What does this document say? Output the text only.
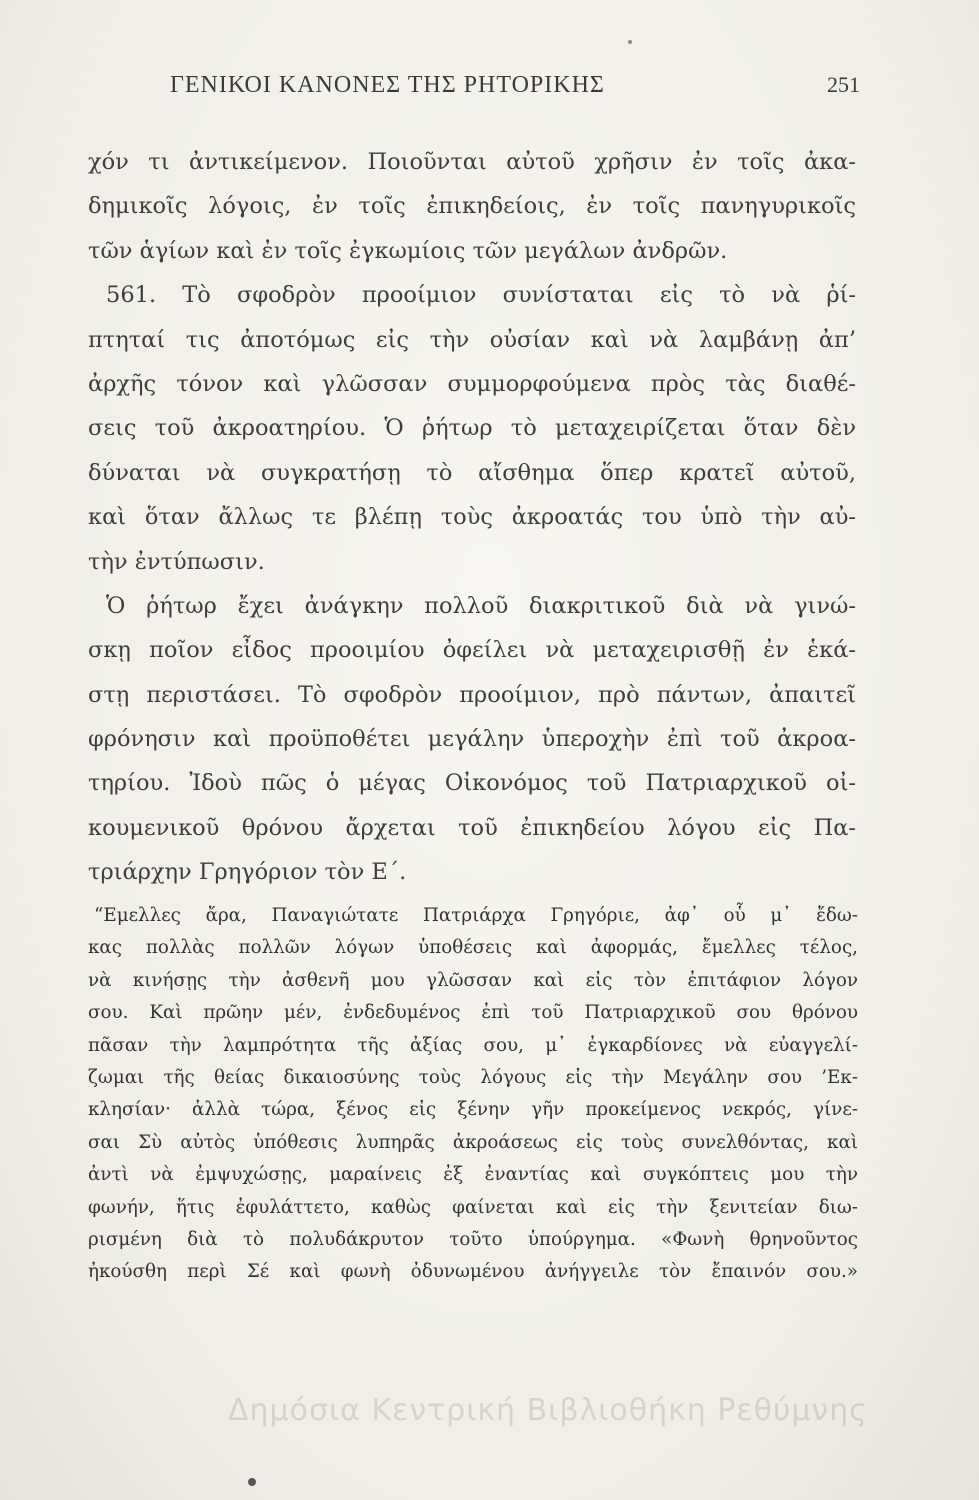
ΓΕΝΙΚΟΙ ΚΑΝΟΝΕΣ ΤΗΣ ΡΗΤΟΡΙΚΗΣ	251
χόν τι ἀντικείμενον. Ποιοῦνται αὐτοῦ χρῆσιν ἐν τοῖς ἀκα-
δημικοῖς λόγοις, ἐν τοῖς ἐπικηδείοις, ἐν τοῖς πανηγυρικοῖς
τῶν ἁγίων καὶ ἐν τοῖς ἐγκωμίοις τῶν μεγάλων ἀνδρῶν.
561. Τὸ σφοδρὸν προοίμιον συνίσταται εἰς τὸ νὰ ῥί-
πτηταί τις ἀποτόμως εἰς τὴν οὐσίαν καὶ νὰ λαμβάνῃ ἀπ’
ἀρχῆς τόνον καὶ γλῶσσαν συμμορφούμενα πρὸς τὰς διαθέ-
σεις τοῦ ἀκροατηρίου. Ὁ ῥήτωρ τὸ μεταχειρίζεται ὅταν δὲν
δύναται νὰ συγκρατήσῃ τὸ αἴσθημα ὅπερ κρατεῖ αὐτοῦ,
καὶ ὅταν ἄλλως τε βλέπῃ τοὺς ἀκροατάς του ὑπὸ τὴν αὐ-
τὴν ἐντύπωσιν.
Ὁ ῥήτωρ ἔχει ἀνάγκην πολλοῦ διακριτικοῦ διὰ νὰ γινώ-
σκῃ ποῖον εἶδος προοιμίου ὀφείλει νὰ μεταχειρισθῇ ἐν ἑκά-
στῃ περιστάσει. Τὸ σφοδρὸν προοίμιον, πρὸ πάντων, ἀπαιτεῖ
φρόνησιν καὶ προϋποθέτει μεγάλην ὑπεροχὴν ἐπὶ τοῦ ἀκροα-
τηρίου. Ἰδοὺ πῶς ὁ μέγας Οἰκονόμος τοῦ Πατριαρχικοῦ οἰ-
κουμενικοῦ θρόνου ἄρχεται τοῦ ἐπικηδείου λόγου εἰς Πα-
τριάρχην Γρηγόριον τὸν Ε΄.
“Εμελλες ἄρα, Παναγιώτατε Πατριάρχα Γρηγόριε, ἀφ᾽ οὗ μ᾽ ἔδω-
κας πολλὰς πολλῶν λόγων ὑποθέσεις καὶ ἀφορμάς, ἔμελλες τέλος,
νὰ κινήσῃς τὴν ἀσθενῆ μου γλῶσσαν καὶ εἰς τὸν ἐπιτάφιον λόγον
σου. Καὶ πρῶην μέν, ἐνδεδυμένος ἐπὶ τοῦ Πατριαρχικοῦ σου θρόνου
πᾶσαν τὴν λαμπρότητα τῆς ἀξίας σου, μ᾽ ἐγκαρδίονες νὰ εὐαγγελί-
ζωμαι τῆς θείας δικαιοσύνης τοὺς λόγους εἰς τὴν Μεγάλην σου ’Εκ-
κλησίαν· ἀλλὰ τώρα, ξένος εἰς ξένην γῆν προκείμενος νεκρός, γίνε-
σαι Σὺ αὐτὸς ὑπόθεσις λυπηρᾶς ἀκροάσεως εἰς τοὺς συνελθόντας, καὶ
ἀντὶ νὰ ἐμψυχώσῃς, μαραίνεις ἐξ ἐναντίας καὶ συγκόπτεις μου τὴν
φωνήν, ἥτις ἐφυλάττετο, καθὼς φαίνεται καὶ εἰς τὴν ξενιτείαν διω-
ρισμένη διὰ τὸ πολυδάκρυτον τοῦτο ὑπούργημα. «Φωνὴ θρηνοῦντος
ἠκούσθη περὶ Σέ καὶ φωνὴ ὀδυνωμένου ἀνήγγειλε τὸν ἔπαινόν σου.»
Δημόσια Κεντρική Βιβλιοθήκη Ρεθύμνης
